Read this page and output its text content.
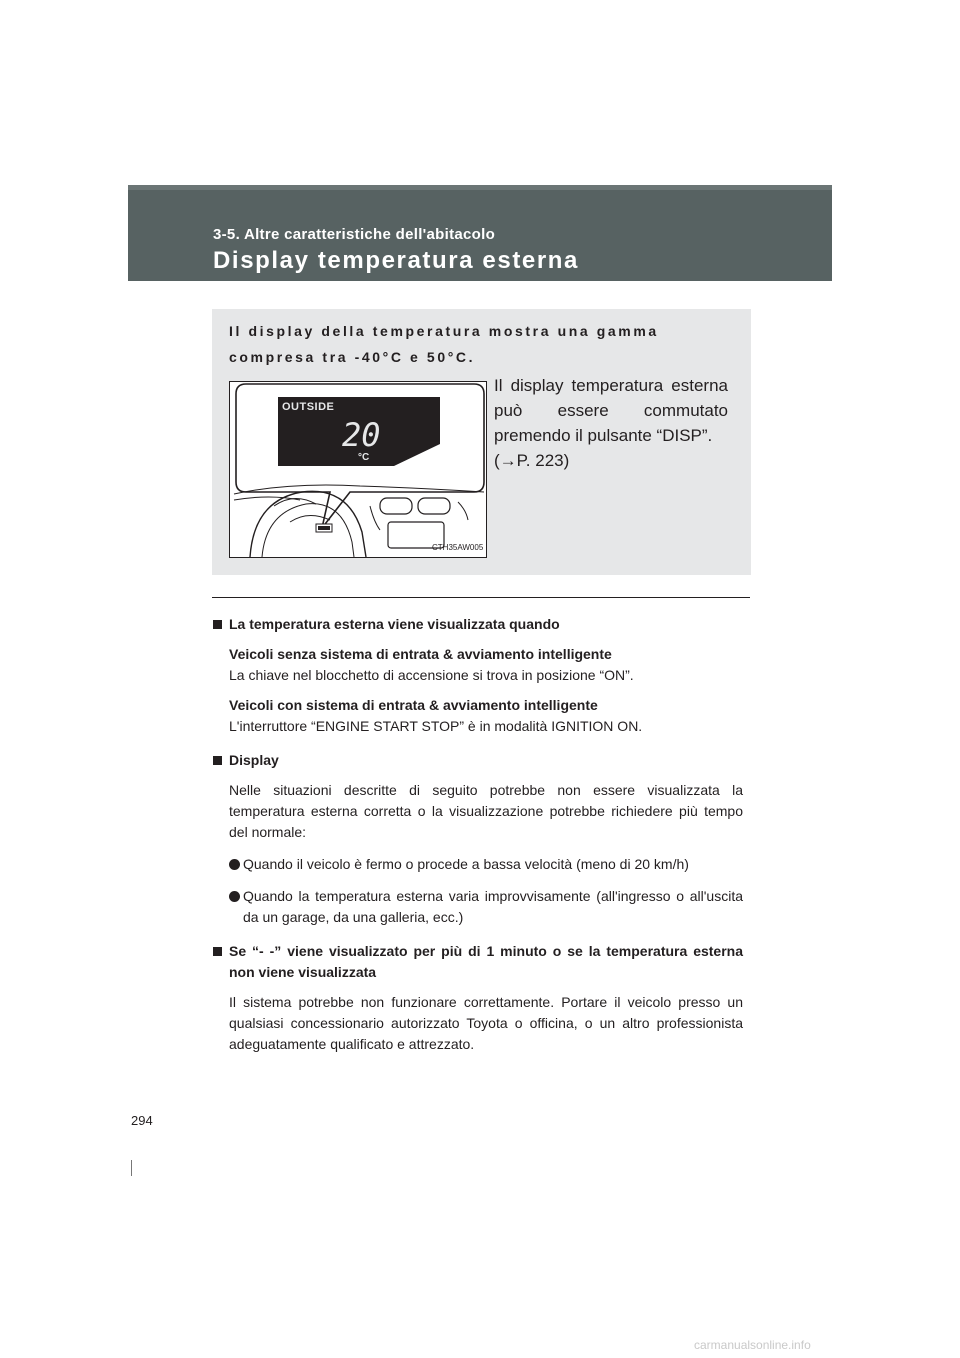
3-5. Altre caratteristiche dell'abitacolo
Display temperatura esterna
Il display della temperatura mostra una gamma compresa tra -40°C e 50°C.
OUTSIDE
20
°C
CTH35AW005
Il display temperatura esterna può essere commutato premendo il pulsante “DISP”.
(→P. 223)
La temperatura esterna viene visualizzata quando
Veicoli senza sistema di entrata & avviamento intelligente
La chiave nel blocchetto di accensione si trova in posizione “ON”.
Veicoli con sistema di entrata & avviamento intelligente
L'interruttore “ENGINE START STOP” è in modalità IGNITION ON.
Display
Nelle situazioni descritte di seguito potrebbe non essere visualizzata la temperatura esterna corretta o la visualizzazione potrebbe richiedere più tempo del normale:
Quando il veicolo è fermo o procede a bassa velocità (meno di 20 km/h)
Quando la temperatura esterna varia improvvisamente (all'ingresso o all'uscita da un garage, da una galleria, ecc.)
Se “- -” viene visualizzato per più di 1 minuto o se la temperatura esterna non viene visualizzata
Il sistema potrebbe non funzionare correttamente. Portare il veicolo presso un qualsiasi concessionario autorizzato Toyota o officina, o un altro professionista adeguatamente qualificato e attrezzato.
294
carmanualsonline.info
